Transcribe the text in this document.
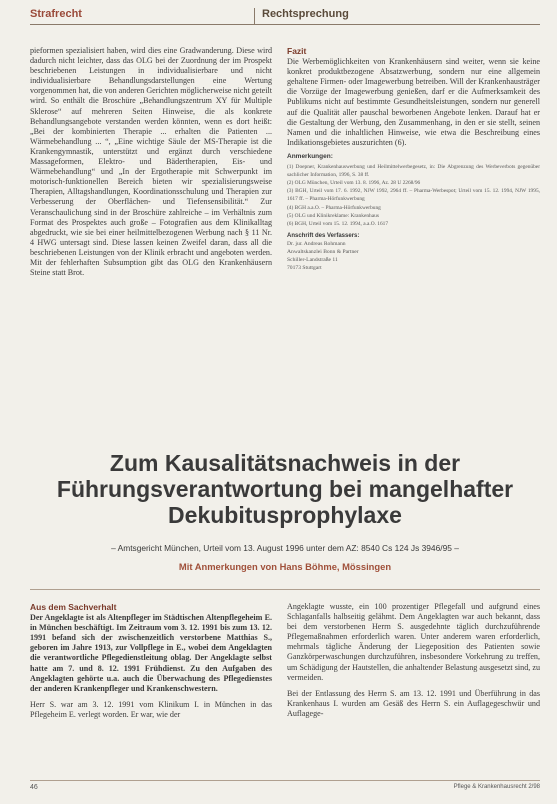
Strafrecht	Rechtsprechung

pieformen spezialisiert haben, wird dies eine Gradwanderung. Diese wird dadurch nicht leichter, dass das OLG bei der Zuordnung der im Prospekt beschriebenen Leistungen in individualisierbare und nicht individualisierbare Behandlungsdarstellungen eine Wertung vorgenommen hat, die von anderen Gerichten möglicherweise nicht geteilt wird. So enthält die Broschüre „Behandlungszentrum XY für Multiple Sklerose“ auf mehreren Seiten Hinweise, die als konkrete Behandlungsangebote verstanden werden könnten, wenn es dort heißt: „Bei der kombinierten Therapie ... erhalten die Patienten ... Wärmebehandlung ... “, „Eine wichtige Säule der MS-Therapie ist die Krankengymnastik, unterstützt und ergänzt durch verschiedene Massageformen, Elektro- und Bädertherapien, Eis- und Wärmebehandlung“ und „In der Ergotherapie mit Schwerpunkt im motorisch-funktionellen Bereich bieten wir spezialisierungsweise Therapien, Alltagshandlungen, Koordinationsschulung und Therapien zur Verbesserung der Oberflächen- und Tiefensensibilität.“ Zur Veranschaulichung sind in der Broschüre zahlreiche – im Verhältnis zum Format des Prospektes auch große – Fotografien aus dem Klinikalltag abgedruckt, wie sie bei einer heilmittelbezogenen Werbung nach § 11 Nr. 4 HWG untersagt sind. Diese lassen keinen Zweifel daran, dass all die beschriebenen Leistungen von der Klinik erbracht und angeboten werden. Mit der fehlerhaften Subsumption gibt das OLG den Krankenhäusern Steine statt Brot.

Fazit

Die Werbemöglichkeiten von Krankenhäusern sind weiter, wenn sie keine konkret produktbezogene Absatzwerbung, sondern nur eine allgemein gehaltene Firmen- oder Imagewerbung betreiben. Will der Krankenhausträger die Vorzüge der Imagewerbung genießen, darf er die Aufmerksamkeit des Publikums nicht auf bestimmte Gesundheitsleistungen, sondern nur generell auf die Qualität aller pauschal beworbenen Angebote lenken. Darauf hat er die Gestaltung der Werbung, den Zusammenhang, in den er sie stellt, seinen Namen und die inhaltlichen Hinweise, wie etwa die Beschreibung eines Indikationsgebietes auszurichten (6).

Anmerkungen:
(1) Doepner, Krankenhauswerbung und Heilmittelwerbegesetz, in: Die Abgrenzung des Werbeverbots gegenüber sachlicher Information, 1996, S. 38 ff.
(2) OLG München, Urteil vom 13. 8. 1996, Az. 28 U 2268/96
(3) BGH, Urteil vom 17. 6. 1992, NJW 1992, 2964 ff. – Pharma-Werbespot; Urteil vom 15. 12. 1994, NJW 1995, 1617 ff. – Pharma-Hörfunkwerbung
(4) BGH a.a.O. – Pharma-Hörfunkwerbung
(5) OLG und Klinikreklame: Krankenhaus
(6) BGH, Urteil vom 15. 12. 1994, a.a.O. 1617
Anschrift des Verfassers:
Dr. jur. Andreas Rohmann
Anwaltskanzlei Bonn & Partner
Schiller-Landstraße 11
70173 Stuttgart
Zum Kausalitätsnachweis in der
Führungsverantwortung bei mangelhafter
Dekubitusprophylaxe
– Amtsgericht München, Urteil vom 13. August 1996 unter dem AZ: 8540 Cs 124 Js 3946/95 –
Mit Anmerkungen von Hans Böhme, Mössingen
Aus dem Sachverhalt

Der Angeklagte ist als Altenpfleger im Städtischen Altenpflegeheim E. in München beschäftigt. Im Zeitraum vom 3. 12. 1991 bis zum 13. 12. 1991 befand sich der zwischenzeitlich verstorbene Matthias S., geboren im Jahre 1913, zur Vollpflege in E., wobei dem Angeklagten die verantwortliche Pflegedienstleitung oblag. Der Angeklagte selbst hatte am 7. und 8. 12. 1991 Frühdienst. Zu den Aufgaben des Angeklagten gehörte u.a. auch die Überwachung des Pflegedienstes der anderen Krankenpfleger und Krankenschwestern.

Herr S. war am 3. 12. 1991 vom Klinikum I. in München in das Pflegeheim E. verlegt worden. Er war, wie der

Angeklagte wusste, ein 100 prozentiger Pflegefall und aufgrund eines Schlaganfalls halbseitig gelähmt. Dem Angeklagten war auch bekannt, dass bei dem verstorbenen Herrn S. ausgedehnte täglich durchzuführende Pflegemaßnahmen erforderlich waren. Unter anderem waren erforderlich, mehrmals tägliche Änderung der Liegeposition des Patienten sowie Ganzkörperwaschungen durchzuführen, insbesondere Vorkehrung zu treffen, um Schädigung der Hautstellen, die anhaltender Belastung ausgesetzt sind, zu vermeiden.

Bei der Entlassung des Herrn S. am 13. 12. 1991 und Überführung in das Krankenhaus I. wurden am Gesäß des Herrn S. ein Auflagegeschwür und Auflagege-

46	Pflege & Krankenhausrecht 2/98
